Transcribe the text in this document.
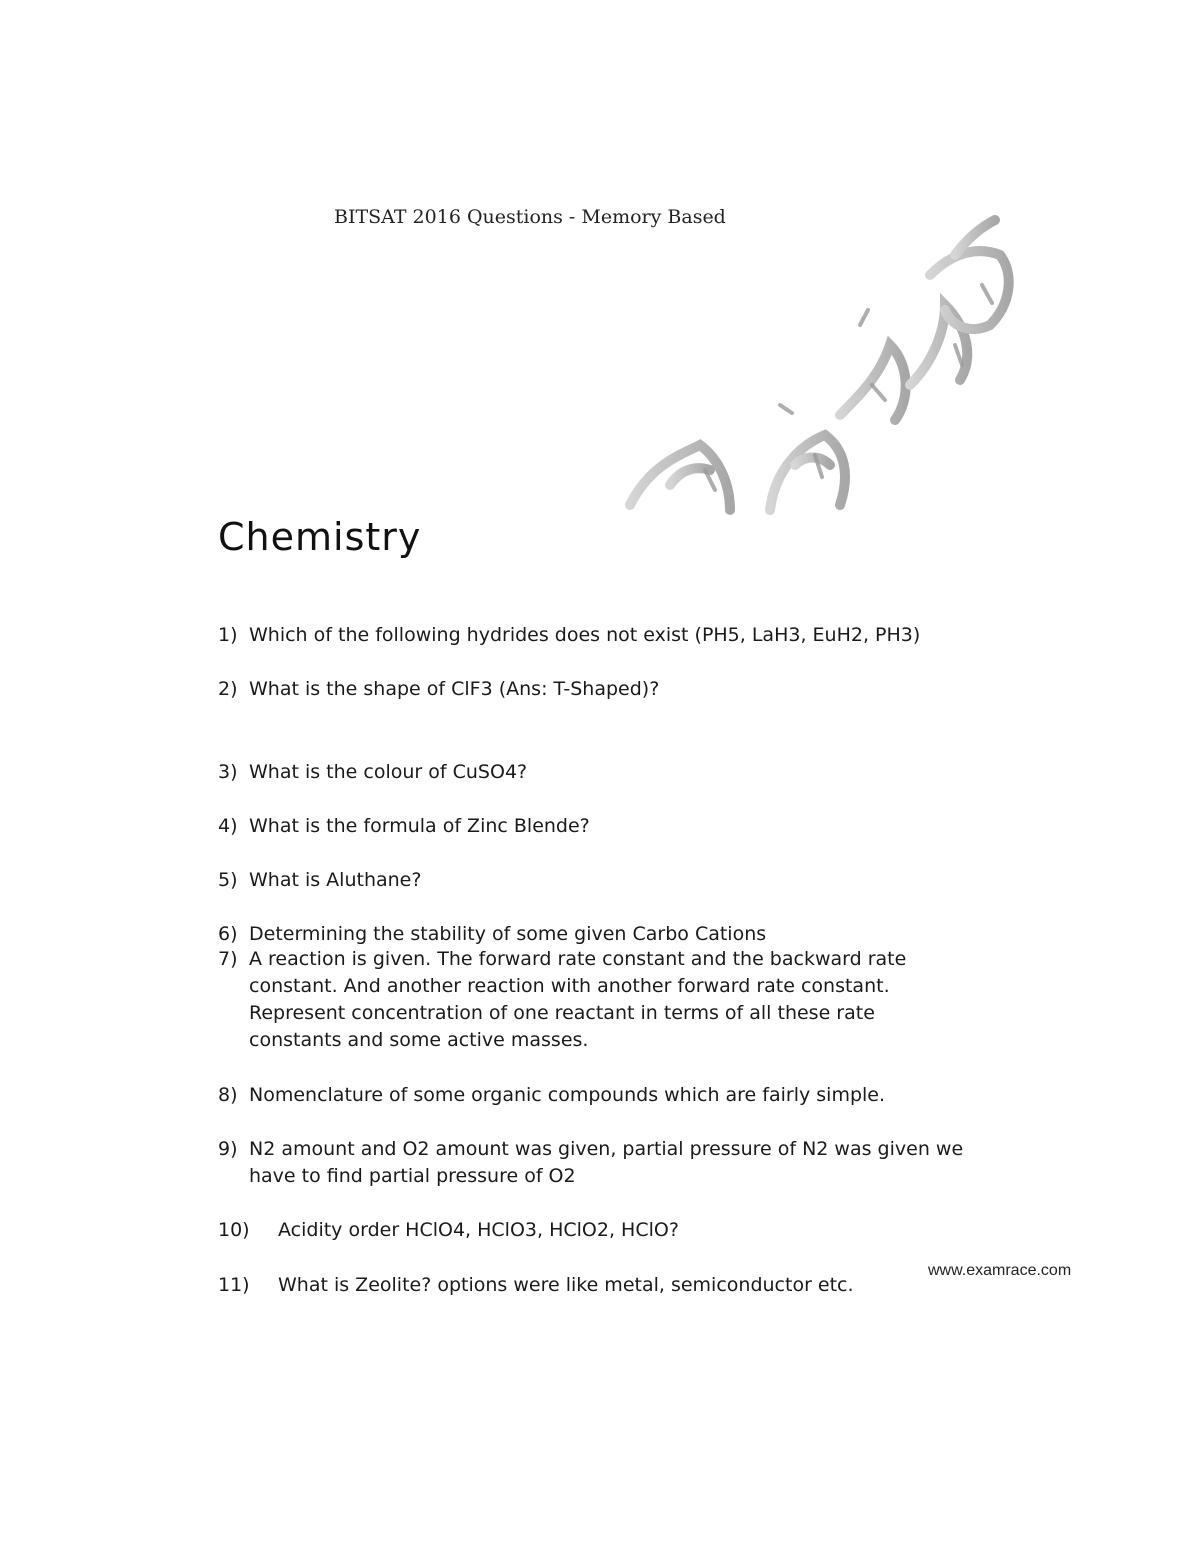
BITSAT 2016 Questions - Memory Based
Chemistry
1) Which of the following hydrides does not exist (PH5, LaH3, EuH2, PH3)
2) What is the shape of ClF3 (Ans: T-Shaped)?
3) What is the colour of CuSO4?
4) What is the formula of Zinc Blende?
5) What is Aluthane?
6) Determining the stability of some given Carbo Cations
7) A reaction is given. The forward rate constant and the backward rate constant. And another reaction with another forward rate constant. Represent concentration of one reactant in terms of all these rate constants and some active masses.
8) Nomenclature of some organic compounds which are fairly simple.
9) N2 amount and O2 amount was given, partial pressure of N2 was given we have to find partial pressure of O2
10)	Acidity order HClO4, HClO3, HClO2, HClO?
11)	What is Zeolite? options were like metal, semiconductor etc.
www.examrace.com
